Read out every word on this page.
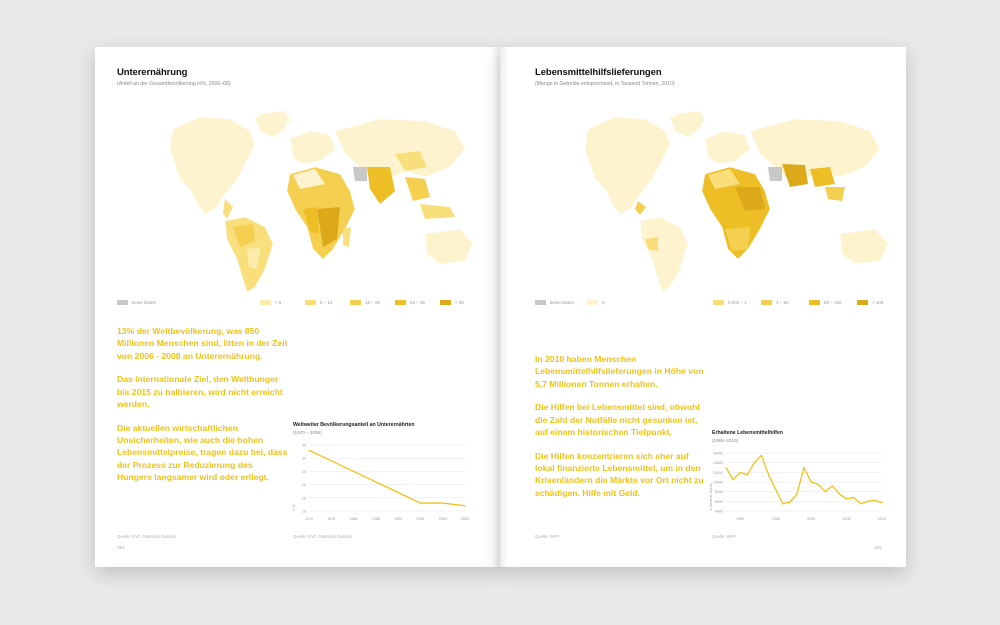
Unterernährung
(Anteil an der Gesamtbevölkerung in%, 2006–08)
keine Daten	< 5	5 – 15	15 – 25	25 – 35	> 35

13% der Weltbevölkerung, was 850 Millionen Menschen sind, litten in der Zeit von 2006 - 2008 an Unterernährung.

Das internationale Ziel, den Welthunger bis 2015 zu halbieren, wird nicht erreicht werden.

Die aktuellen wirtschaftlichen Unsicherheiten, wie auch die hohen Lebensmittelpreise, tragen dazu bei, dass der Prozess zur Reduzierung des Hungers langsamer wird oder erliegt.

Weltweiter Bevölkerungsanteil an Unterernährten
(1970 – 2005)
35
30
25
20
15
10
1970	1975	1980	1985	1990	1995	2000	2005
in %
Quelle: FAO, Statistics Division
Quelle: FAO, Statistics Division
264
Lebensmittelhilfslieferungen
(Menge in Getreide entsprechend, in Tausend Tonnen, 2010)
keine Daten	0	0,001 – 1	1 – 50	50 – 150	> 100

In 2010 haben Menschen Lebensmittelhilfslieferungen in Höhe von 5,7 Millionen Tonnen erhalten.

Die Hilfen bei Lebensmittel sind, obwohl die Zahl der Notfälle nicht gesunken ist, auf einem historischen Tiefpunkt.

Die Hilfen konzentrieren sich eher auf lokal finanzierte Lebensmittel, um in den Krisenländern die Märkte vor Ort nicht zu schädigen. Hilfe mit Geld.

Erhaltene Lebensmittelhilfen
(1988–2010)
16000
14000
12000
10000
8000
6000
4000
1990	1995	2000	2005	2010
in Tausend Tonnen
Quelle: WFP
Quelle: WFP
265
